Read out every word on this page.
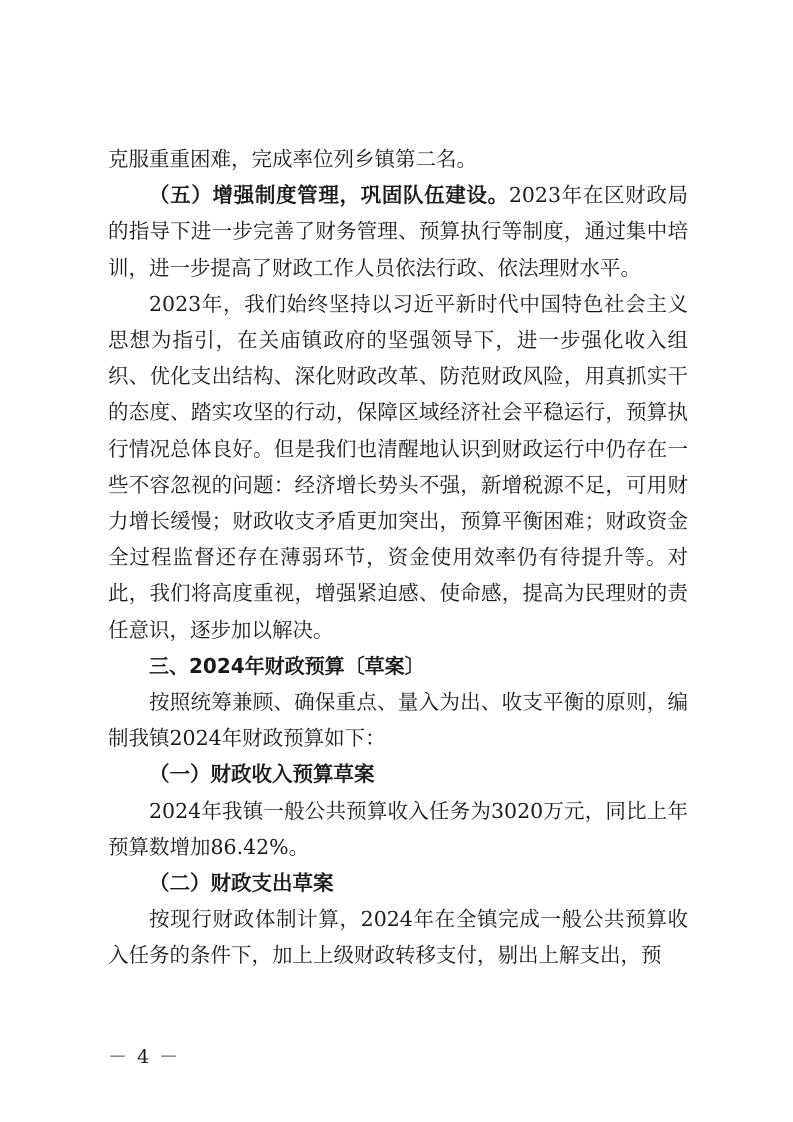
克服重重困难，完成率位列乡镇第二名。

（五）增强制度管理，巩固队伍建设。2023年在区财政局的指导下进一步完善了财务管理、预算执行等制度，通过集中培训，进一步提高了财政工作人员依法行政、依法理财水平。

2023年，我们始终坚持以习近平新时代中国特色社会主义思想为指引，在关庙镇政府的坚强领导下，进一步强化收入组织、优化支出结构、深化财政改革、防范财政风险，用真抓实干的态度、踏实攻坚的行动，保障区域经济社会平稳运行，预算执行情况总体良好。但是我们也清醒地认识到财政运行中仍存在一些不容忽视的问题：经济增长势头不强，新增税源不足，可用财力增长缓慢；财政收支矛盾更加突出，预算平衡困难；财政资金全过程监督还存在薄弱环节，资金使用效率仍有待提升等。对此，我们将高度重视，增强紧迫感、使命感，提高为民理财的责任意识，逐步加以解决。

三、2024年财政预算〔草案〕

按照统筹兼顾、确保重点、量入为出、收支平衡的原则，编制我镇2024年财政预算如下：

（一）财政收入预算草案

2024年我镇一般公共预算收入任务为3020万元，同比上年预算数增加86.42%。

（二）财政支出草案

按现行财政体制计算，2024年在全镇完成一般公共预算收入任务的条件下，加上上级财政转移支付，剔出上解支出，预

－ 4 －
